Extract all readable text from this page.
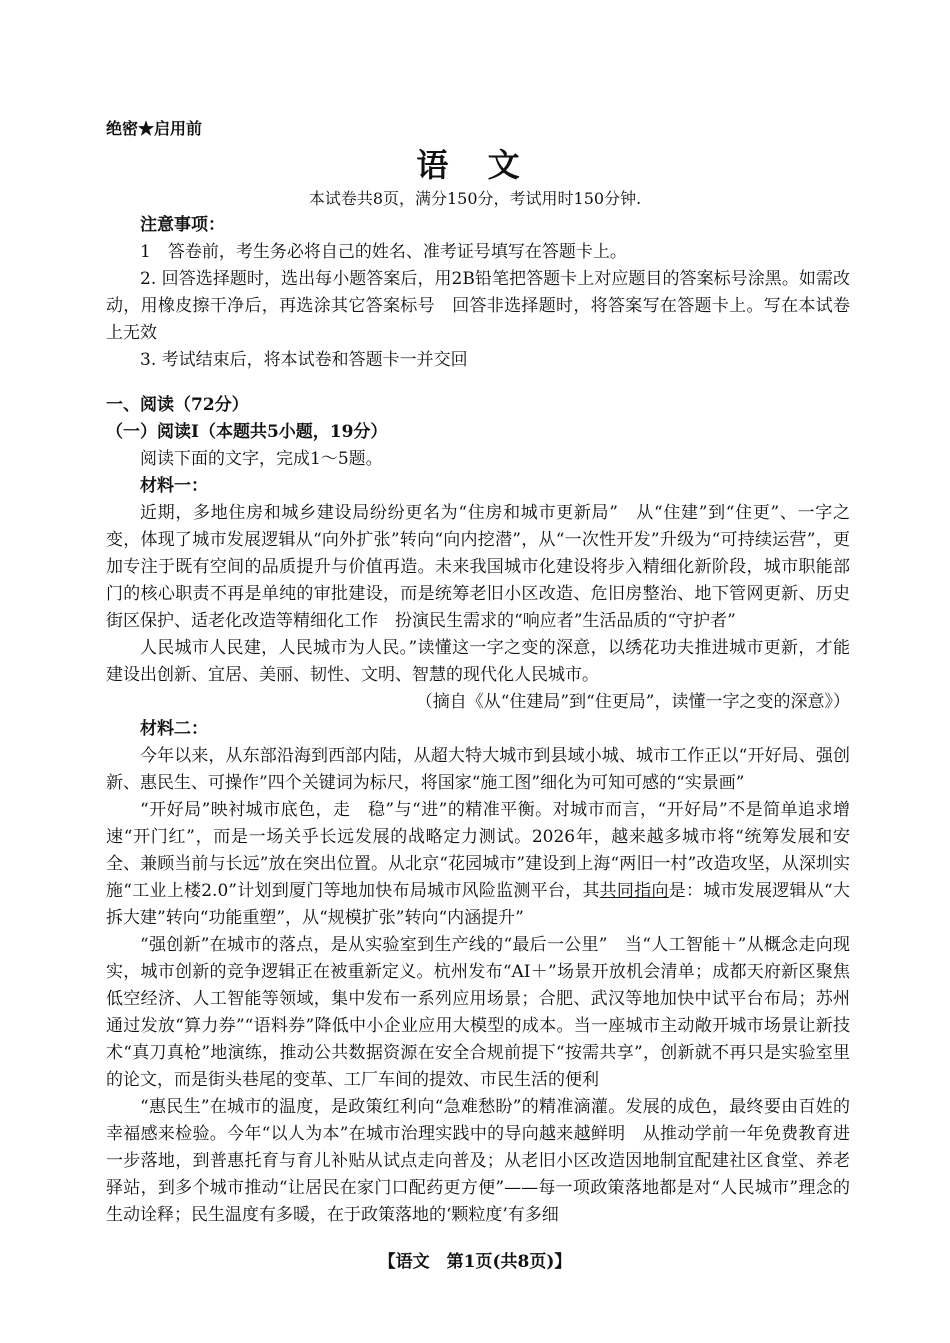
绝密★启用前
语 文
本试卷共8页，满分150分，考试用时150分钟.

注意事项：

1　答卷前，考生务必将自己的姓名、准考证号填写在答题卡上。

2. 回答选择题时，选出每小题答案后，用2B铅笔把答题卡上对应题目的答案标号涂黑。如需改动，用橡皮擦干净后，再选涂其它答案标号　回答非选择题时，将答案写在答题卡上。写在本试卷上无效

3. 考试结束后，将本试卷和答题卡一并交回

一、阅读（72分）

（一）阅读Ⅰ（本题共5小题，19分）

阅读下面的文字，完成1～5题。

材料一：

近期，多地住房和城乡建设局纷纷更名为“住房和城市更新局”　从“住建”到“住更”、一字之变，体现了城市发展逻辑从“向外扩张”转向“向内挖潜”，从“一次性开发”升级为“可持续运营”，更加专注于既有空间的品质提升与价值再造。未来我国城市化建设将步入精细化新阶段，城市职能部门的核心职责不再是单纯的审批建设，而是统筹老旧小区改造、危旧房整治、地下管网更新、历史街区保护、适老化改造等精细化工作　扮演民生需求的“响应者”生活品质的“守护者”

人民城市人民建，人民城市为人民。”读懂这一字之变的深意，以绣花功夫推进城市更新，才能建设出创新、宜居、美丽、韧性、文明、智慧的现代化人民城市。

（摘自《从“住建局”到“住更局”，读懂一字之变的深意》）

材料二：

今年以来，从东部沿海到西部内陆，从超大特大城市到县域小城、城市工作正以“开好局、强创新、惠民生、可操作”四个关键词为标尺，将国家“施工图”细化为可知可感的“实景画”

“开好局”映衬城市底色，走　稳”与“进”的精准平衡。对城市而言，“开好局”不是简单追求增速“开门红”，而是一场关乎长远发展的战略定力测试。2026年，越来越多城市将“统筹发展和安全、兼顾当前与长远”放在突出位置。从北京“花园城市”建设到上海“两旧一村”改造攻坚，从深圳实施“工业上楼2.0”计划到厦门等地加快布局城市风险监测平台，其共同指向是：城市发展逻辑从“大拆大建”转向“功能重塑”，从“规模扩张”转向“内涵提升”

“强创新”在城市的落点，是从实验室到生产线的“最后一公里”　当“人工智能＋”从概念走向现实，城市创新的竞争逻辑正在被重新定义。杭州发布“AI＋”场景开放机会清单；成都天府新区聚焦低空经济、人工智能等领域，集中发布一系列应用场景；合肥、武汉等地加快中试平台布局；苏州通过发放“算力券”“语料券”降低中小企业应用大模型的成本。当一座城市主动敞开城市场景让新技术“真刀真枪”地演练，推动公共数据资源在安全合规前提下“按需共享”，创新就不再只是实验室里的论文，而是街头巷尾的变革、工厂车间的提效、市民生活的便利

“惠民生”在城市的温度，是政策红利向“急难愁盼”的精准滴灌。发展的成色，最终要由百姓的幸福感来检验。今年“以人为本”在城市治理实践中的导向越来越鲜明　从推动学前一年免费教育进一步落地，到普惠托育与育儿补贴从试点走向普及；从老旧小区改造因地制宜配建社区食堂、养老驿站，到多个城市推动“让居民在家门口配药更方便”——每一项政策落地都是对“人民城市”理念的生动诠释；民生温度有多暖，在于政策落地的‘颗粒度’有多细

【语文　第1页(共8页)】
